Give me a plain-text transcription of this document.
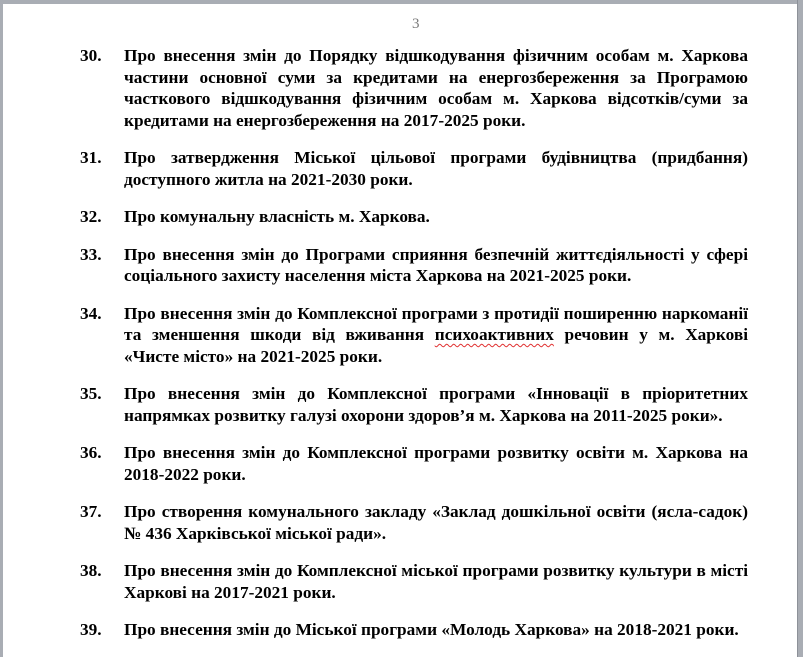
3
30.	Про внесення змін до Порядку відшкодування фізичним особам м. Харкова частини основної суми за кредитами на енергозбереження за Програмою часткового відшкодування фізичним особам м. Харкова відсотків/суми за кредитами на енергозбереження на 2017-2025 роки.
31.	Про затвердження Міської цільової програми будівництва (придбання) доступного житла на 2021-2030 роки.
32.	Про комунальну власність м. Харкова.
33.	Про внесення змін до Програми сприяння безпечній життєдіяльності у сфері соціального захисту населення міста Харкова на 2021-2025 роки.
34.	Про внесення змін до Комплексної програми з протидії поширенню наркоманії та зменшення шкоди від вживання психоактивних речовин у м. Харкові «Чисте місто» на 2021-2025 роки.
35.	Про внесення змін до Комплексної програми «Інновації в пріоритетних напрямках розвитку галузі охорони здоров’я м. Харкова на 2011-2025 роки».
36.	Про внесення змін до Комплексної програми розвитку освіти м. Харкова на 2018-2022 роки.
37.	Про створення комунального закладу «Заклад дошкільної освіти (ясла-садок) № 436 Харківської міської ради».
38.	Про внесення змін до Комплексної міської програми розвитку культури в місті Харкові на 2017-2021 роки.
39.	Про внесення змін до Міської програми «Молодь Харкова» на 2018-2021 роки.
